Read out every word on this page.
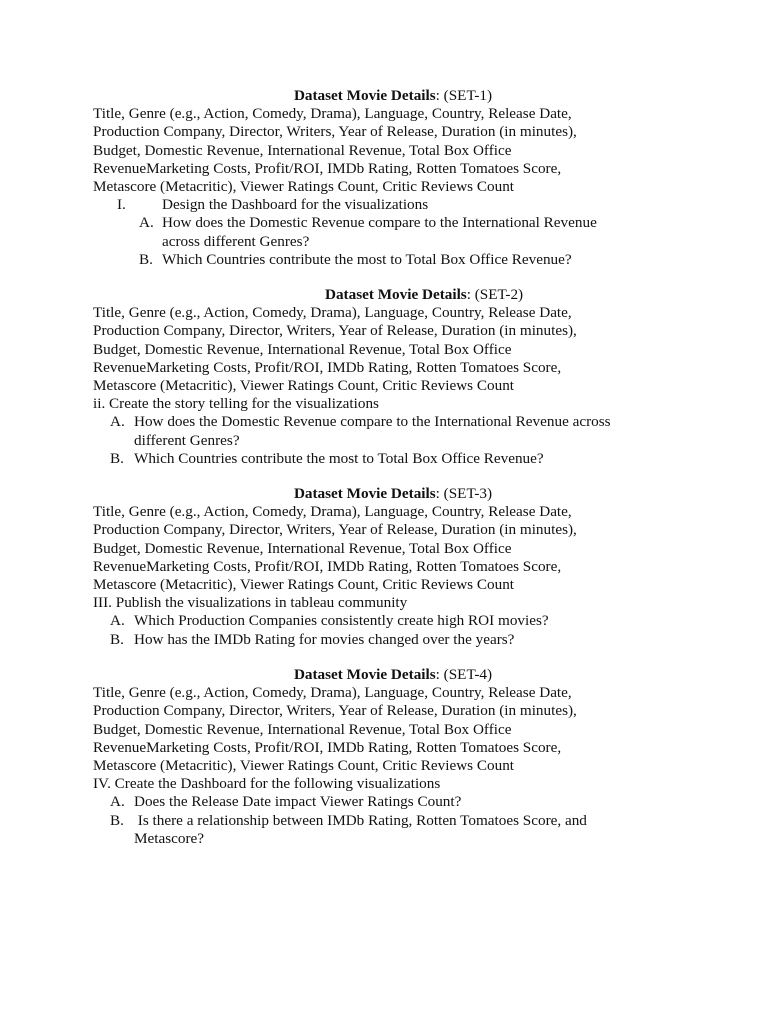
Dataset Movie Details: (SET-1)
Title, Genre (e.g., Action, Comedy, Drama), Language, Country, Release Date,
Production Company, Director, Writers, Year of Release, Duration (in minutes),
Budget, Domestic Revenue, International Revenue, Total Box Office
RevenueMarketing Costs, Profit/ROI, IMDb Rating, Rotten Tomatoes Score,
Metascore (Metacritic), Viewer Ratings Count, Critic Reviews Count
I. Design the Dashboard for the visualizations
A. How does the Domestic Revenue compare to the International Revenue
across different Genres?
B. Which Countries contribute the most to Total Box Office Revenue?
Dataset Movie Details: (SET-2)
Title, Genre (e.g., Action, Comedy, Drama), Language, Country, Release Date,
Production Company, Director, Writers, Year of Release, Duration (in minutes),
Budget, Domestic Revenue, International Revenue, Total Box Office
RevenueMarketing Costs, Profit/ROI, IMDb Rating, Rotten Tomatoes Score,
Metascore (Metacritic), Viewer Ratings Count, Critic Reviews Count
ii. Create the story telling for the visualizations
A. How does the Domestic Revenue compare to the International Revenue across
different Genres?
B. Which Countries contribute the most to Total Box Office Revenue?
Dataset Movie Details: (SET-3)
Title, Genre (e.g., Action, Comedy, Drama), Language, Country, Release Date,
Production Company, Director, Writers, Year of Release, Duration (in minutes),
Budget, Domestic Revenue, International Revenue, Total Box Office
RevenueMarketing Costs, Profit/ROI, IMDb Rating, Rotten Tomatoes Score,
Metascore (Metacritic), Viewer Ratings Count, Critic Reviews Count
III. Publish the visualizations in tableau community
A. Which Production Companies consistently create high ROI movies?
B. How has the IMDb Rating for movies changed over the years?
Dataset Movie Details: (SET-4)
Title, Genre (e.g., Action, Comedy, Drama), Language, Country, Release Date,
Production Company, Director, Writers, Year of Release, Duration (in minutes),
Budget, Domestic Revenue, International Revenue, Total Box Office
RevenueMarketing Costs, Profit/ROI, IMDb Rating, Rotten Tomatoes Score,
Metascore (Metacritic), Viewer Ratings Count, Critic Reviews Count
IV. Create the Dashboard for the following visualizations
A. Does the Release Date impact Viewer Ratings Count?
B. Is there a relationship between IMDb Rating, Rotten Tomatoes Score, and
Metascore?
